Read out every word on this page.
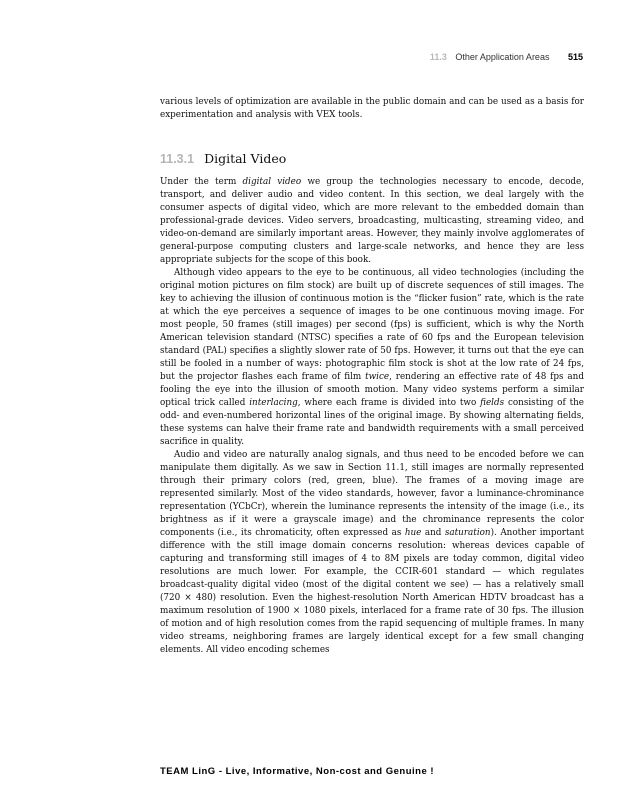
11.3 Other Application Areas 515

various levels of optimization are available in the public domain and can be used as a basis for experimentation and analysis with VEX tools.

11.3.1 Digital Video

Under the term digital video we group the technologies necessary to encode, decode, transport, and deliver audio and video content. In this section, we deal largely with the consumer aspects of digital video, which are more relevant to the embedded domain than professional-grade devices. Video servers, broadcasting, multicasting, streaming video, and video-on-demand are similarly important areas. However, they mainly involve agglomerates of general-purpose computing clusters and large-scale networks, and hence they are less appropriate subjects for the scope of this book.

Although video appears to the eye to be continuous, all video technologies (including the original motion pictures on film stock) are built up of discrete sequences of still images. The key to achieving the illusion of continuous motion is the “flicker fusion” rate, which is the rate at which the eye perceives a sequence of images to be one continuous moving image. For most people, 50 frames (still images) per second (fps) is sufficient, which is why the North American television standard (NTSC) specifies a rate of 60 fps and the European television standard (PAL) specifies a slightly slower rate of 50 fps. However, it turns out that the eye can still be fooled in a number of ways: photographic film stock is shot at the low rate of 24 fps, but the projector flashes each frame of film twice, rendering an effective rate of 48 fps and fooling the eye into the illusion of smooth motion. Many video systems perform a similar optical trick called interlacing, where each frame is divided into two fields consisting of the odd- and even-numbered horizontal lines of the original image. By showing alternating fields, these systems can halve their frame rate and bandwidth requirements with a small perceived sacrifice in quality.

Audio and video are naturally analog signals, and thus need to be encoded before we can manipulate them digitally. As we saw in Section 11.1, still images are normally represented through their primary colors (red, green, blue). The frames of a moving image are represented similarly. Most of the video standards, however, favor a luminance-chrominance representation (YCbCr), wherein the luminance represents the intensity of the image (i.e., its brightness as if it were a grayscale image) and the chrominance represents the color components (i.e., its chromaticity, often expressed as hue and saturation). Another important difference with the still image domain concerns resolution: whereas devices capable of capturing and transforming still images of 4 to 8M pixels are today common, digital video resolutions are much lower. For example, the CCIR-601 standard — which regulates broadcast-quality digital video (most of the digital content we see) — has a relatively small (720 × 480) resolution. Even the highest-resolution North American HDTV broadcast has a maximum resolution of 1900 × 1080 pixels, interlaced for a frame rate of 30 fps. The illusion of motion and of high resolution comes from the rapid sequencing of multiple frames. In many video streams, neighboring frames are largely identical except for a few small changing elements. All video encoding schemes

TEAM LinG - Live, Informative, Non-cost and Genuine !
